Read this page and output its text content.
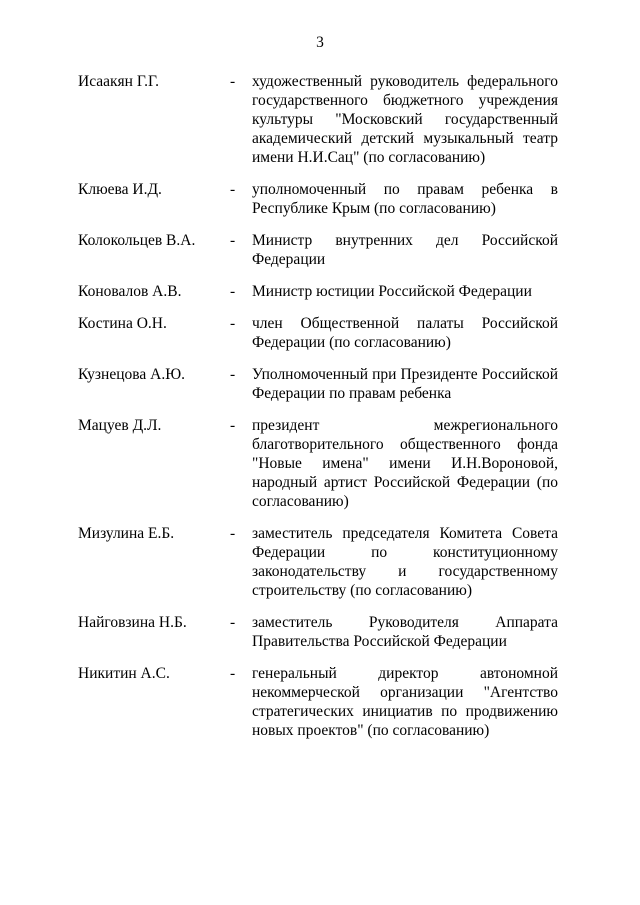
3
Исаакян Г.Г.	-	художественный руководитель федерального государственного бюджетного учреждения культуры "Московский государственный академический детский музыкальный театр имени Н.И.Сац" (по согласованию)
Клюева И.Д.	-	уполномоченный по правам ребенка в Республике Крым (по согласованию)
Колокольцев В.А.	-	Министр внутренних дел Российской Федерации
Коновалов А.В.	-	Министр юстиции Российской Федерации
Костина О.Н.	-	член Общественной палаты Российской Федерации (по согласованию)
Кузнецова А.Ю.	-	Уполномоченный при Президенте Российской Федерации по правам ребенка
Мацуев Д.Л.	-	президент межрегионального благотворительного общественного фонда "Новые имена" имени И.Н.Вороновой, народный артист Российской Федерации (по согласованию)
Мизулина Е.Б.	-	заместитель председателя Комитета Совета Федерации по конституционному законодательству и государственному строительству (по согласованию)
Найговзина Н.Б.	-	заместитель Руководителя Аппарата Правительства Российской Федерации
Никитин А.С.	-	генеральный директор автономной некоммерческой организации "Агентство стратегических инициатив по продвижению новых проектов" (по согласованию)
